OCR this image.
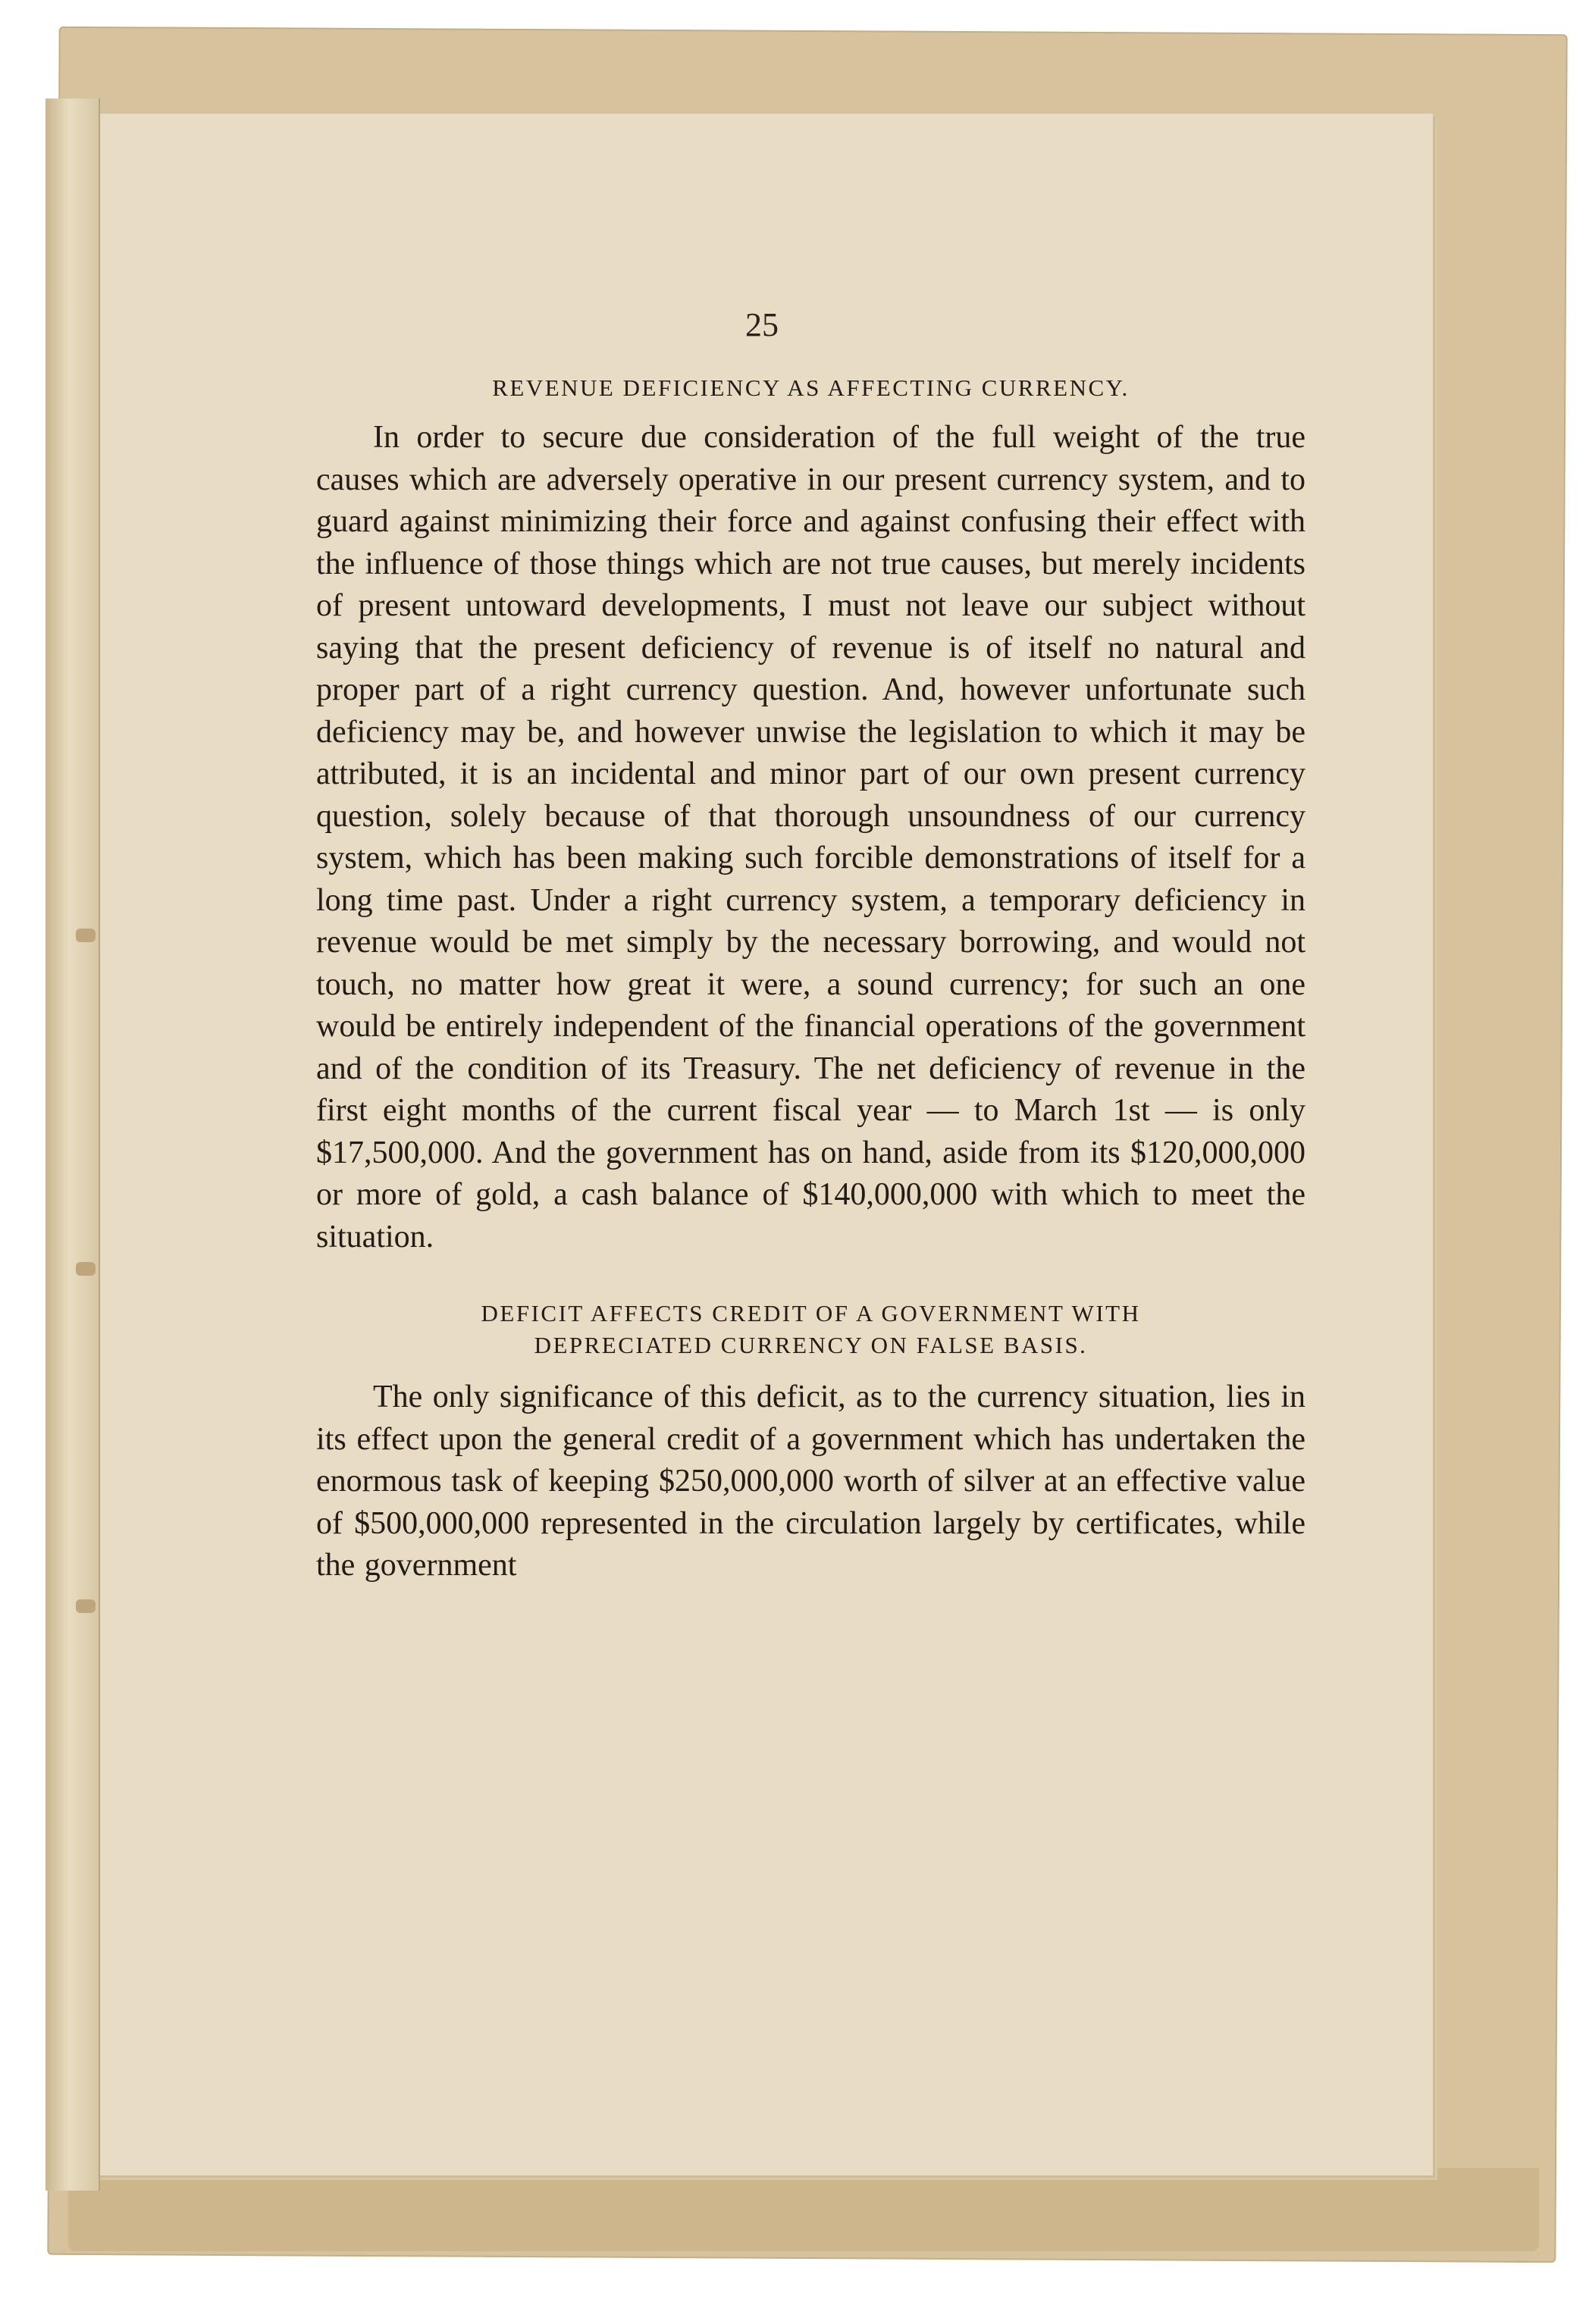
25

REVENUE DEFICIENCY AS AFFECTING CURRENCY.

In order to secure due consideration of the full weight of the true causes which are adversely operative in our present currency system, and to guard against minimizing their force and against confusing their effect with the influence of those things which are not true causes, but merely incidents of present untoward developments, I must not leave our subject without saying that the present deficiency of revenue is of itself no natural and proper part of a right currency question. And, however unfortunate such deficiency may be, and however unwise the legislation to which it may be attributed, it is an incidental and minor part of our own present currency question, solely because of that thorough unsoundness of our currency system, which has been making such forcible demonstrations of itself for a long time past. Under a right currency system, a temporary deficiency in revenue would be met simply by the necessary borrowing, and would not touch, no matter how great it were, a sound currency; for such an one would be entirely independent of the financial operations of the government and of the condition of its Treasury. The net deficiency of revenue in the first eight months of the current fiscal year — to March 1st — is only $17,500,000. And the government has on hand, aside from its $120,000,000 or more of gold, a cash balance of $140,000,000 with which to meet the situation.

DEFICIT AFFECTS CREDIT OF A GOVERNMENT WITH
DEPRECIATED CURRENCY ON FALSE BASIS.

The only significance of this deficit, as to the currency situation, lies in its effect upon the general credit of a government which has undertaken the enormous task of keeping $250,000,000 worth of silver at an effective value of $500,000,000 represented in the circulation largely by certificates, while the government
